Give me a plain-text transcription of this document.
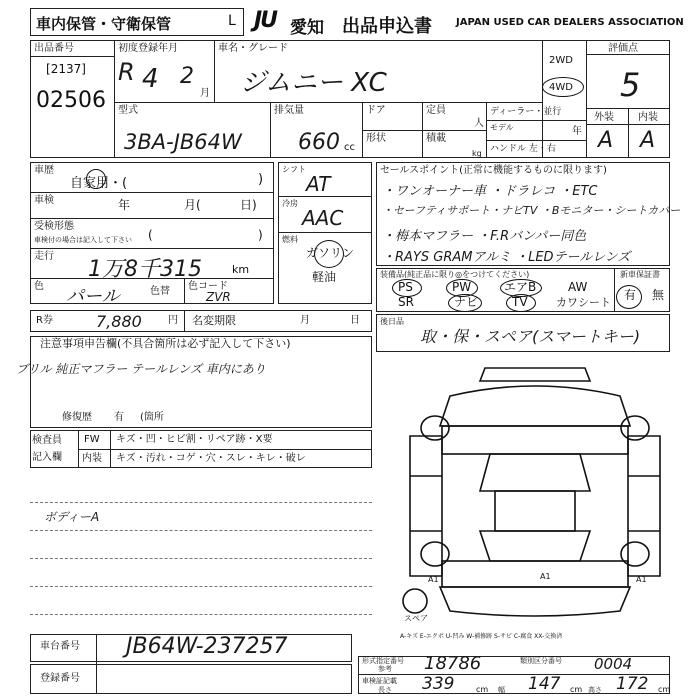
車内保管・守衛保管	L JU 愛知 出品申込書 JAPAN USED CAR DEALERS ASSOCIATION
出品番号
[2137]
02506
初度登録年月
R 4 2
月
車名・グレード
ジムニー XC
2WD
4WD
評価点
5
外装 内装
A A
型式
3BA-JB64W
排気量
660 cc
ドア	定員
人
形状	積載
kg
ディーラー・並行
モデル	年
ハンドル 左・右
車歴
自家用・(	)
車検	年	月(	日)
受検形態
車検付の場合は記入して下さい (	)
走行
1万8千315	km
色 パール	色替 色コード
ZVR
R券	7,880	円 名変期限	月	日
シフト
AT
冷房
AAC
燃料
ガソリン
軽油
セールスポイント(正常に機能するものに限ります)
・ワンオーナー車 ・ドラレコ ・ETC
・セーフティサポート・ナビTV ・Bモニター・シートカバー
・梅本マフラー ・F.Rバンパー同色
・RAYS GRAMアルミ ・LEDテールレンズ
装備品(純正品に限り◎をつけてください)
PS	PW	エアB	AW
SR	ナビ	TV	カワシート
新車保証書
有 無
後日品
取・保・スペア(スマートキー)
注意事項申告欄(不具合箇所は必ず記入して下さい)
ブリル 純正マフラー テールレンズ 車内にあり
修復歴 有 (箇所
検査員
記入欄
FW キズ・凹・ヒビ割・リペア跡・X要
内装 キズ・汚れ・コゲ・穴・スレ・キレ・破レ
ボディーA
A1	A1
A1
スペア
A-キズ E-エクボ U-凹み W-補修跡 S-サビ C-腐食 XX-交換済
車台番号 JB64W-237257
登録番号
形式指定番号 18786	類別区分番号 0004
参考
車検証記載
長さ 339	cm 幅 147 cm 高さ 172 cm
